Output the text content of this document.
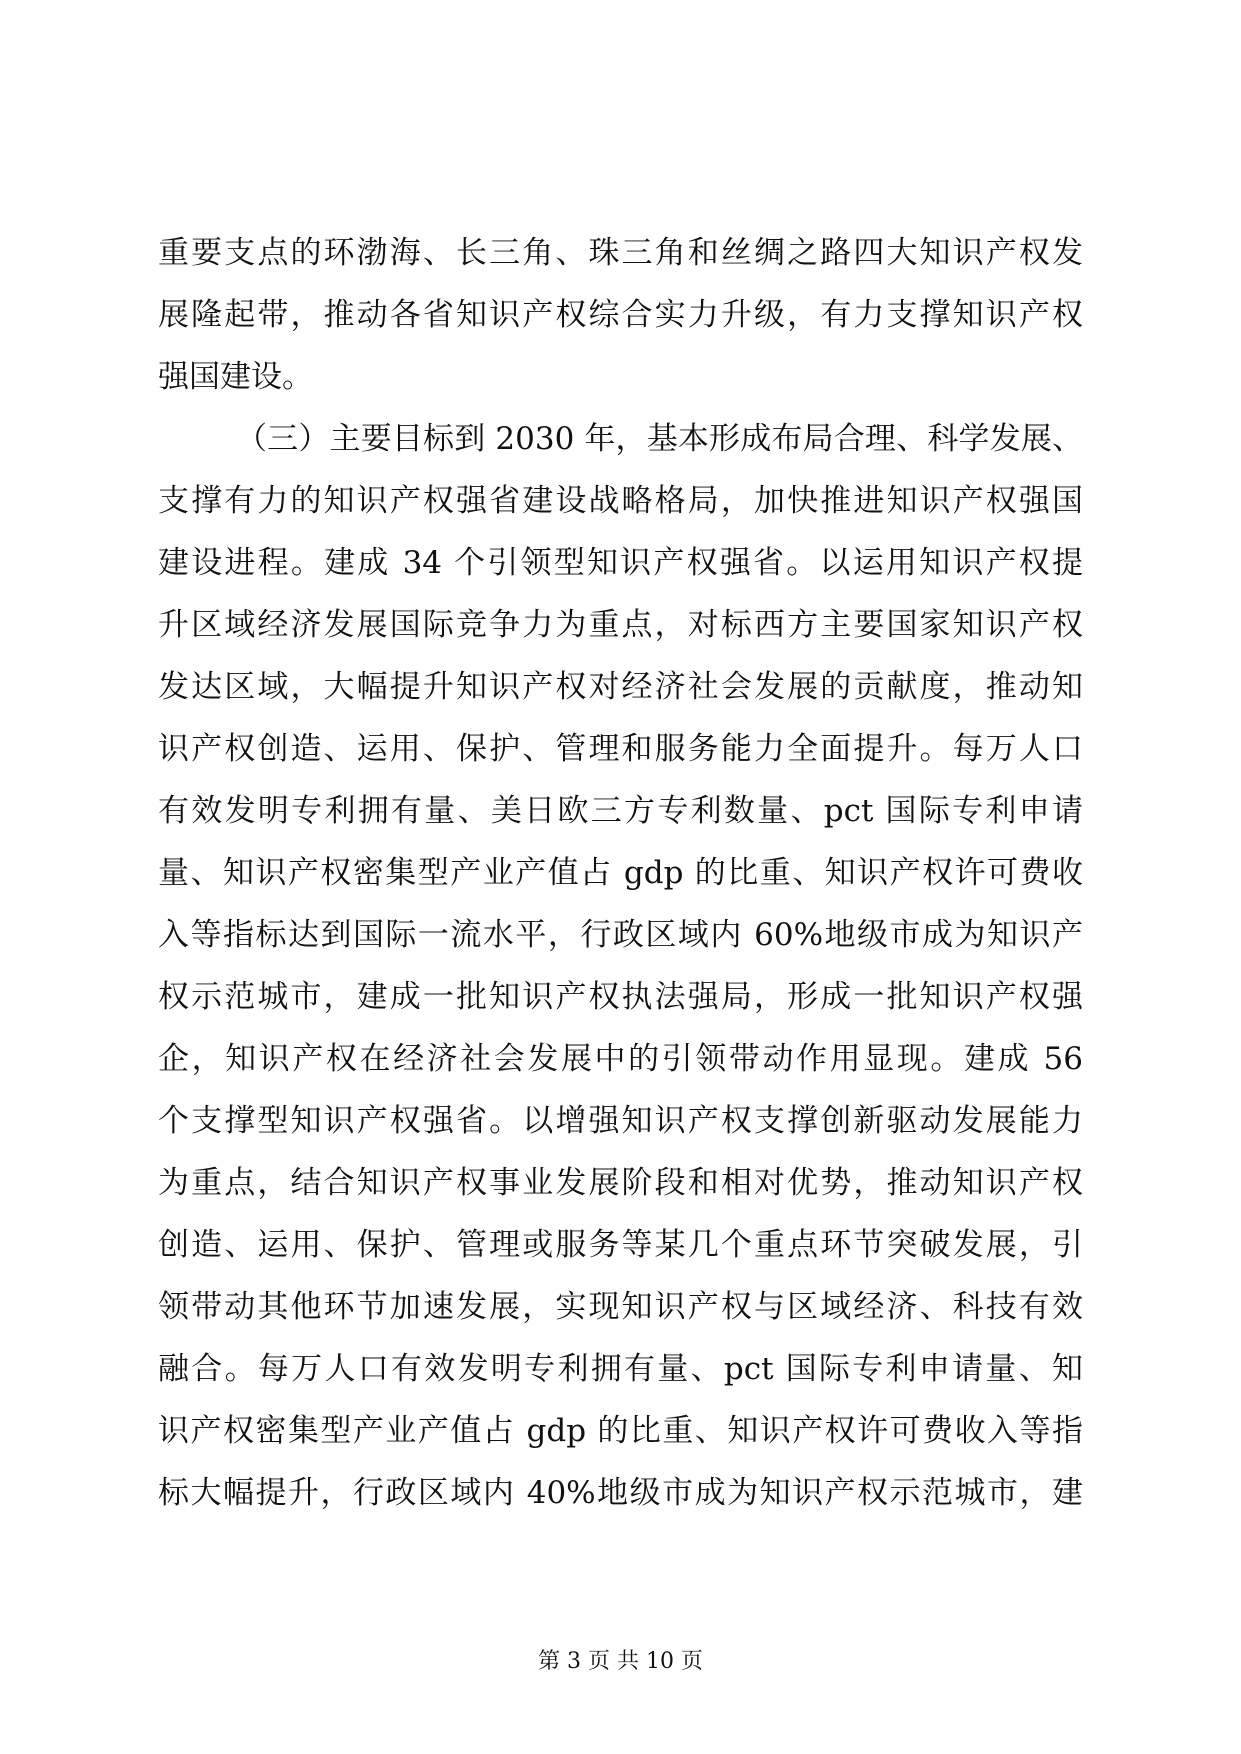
重要支点的环渤海、长三角、珠三角和丝绸之路四大知识产权发
展隆起带，推动各省知识产权综合实力升级，有力支撑知识产权
强国建设。
（三）主要目标到 2030 年，基本形成布局合理、科学发展、
支撑有力的知识产权强省建设战略格局，加快推进知识产权强国
建设进程。建成 34 个引领型知识产权强省。以运用知识产权提
升区域经济发展国际竞争力为重点，对标西方主要国家知识产权
发达区域，大幅提升知识产权对经济社会发展的贡献度，推动知
识产权创造、运用、保护、管理和服务能力全面提升。每万人口
有效发明专利拥有量、美日欧三方专利数量、pct 国际专利申请
量、知识产权密集型产业产值占 gdp 的比重、知识产权许可费收
入等指标达到国际一流水平，行政区域内 60%地级市成为知识产
权示范城市，建成一批知识产权执法强局，形成一批知识产权强
企，知识产权在经济社会发展中的引领带动作用显现。建成 56
个支撑型知识产权强省。以增强知识产权支撑创新驱动发展能力
为重点，结合知识产权事业发展阶段和相对优势，推动知识产权
创造、运用、保护、管理或服务等某几个重点环节突破发展，引
领带动其他环节加速发展，实现知识产权与区域经济、科技有效
融合。每万人口有效发明专利拥有量、pct 国际专利申请量、知
识产权密集型产业产值占 gdp 的比重、知识产权许可费收入等指
标大幅提升，行政区域内 40%地级市成为知识产权示范城市，建
第 3 页 共 10 页
